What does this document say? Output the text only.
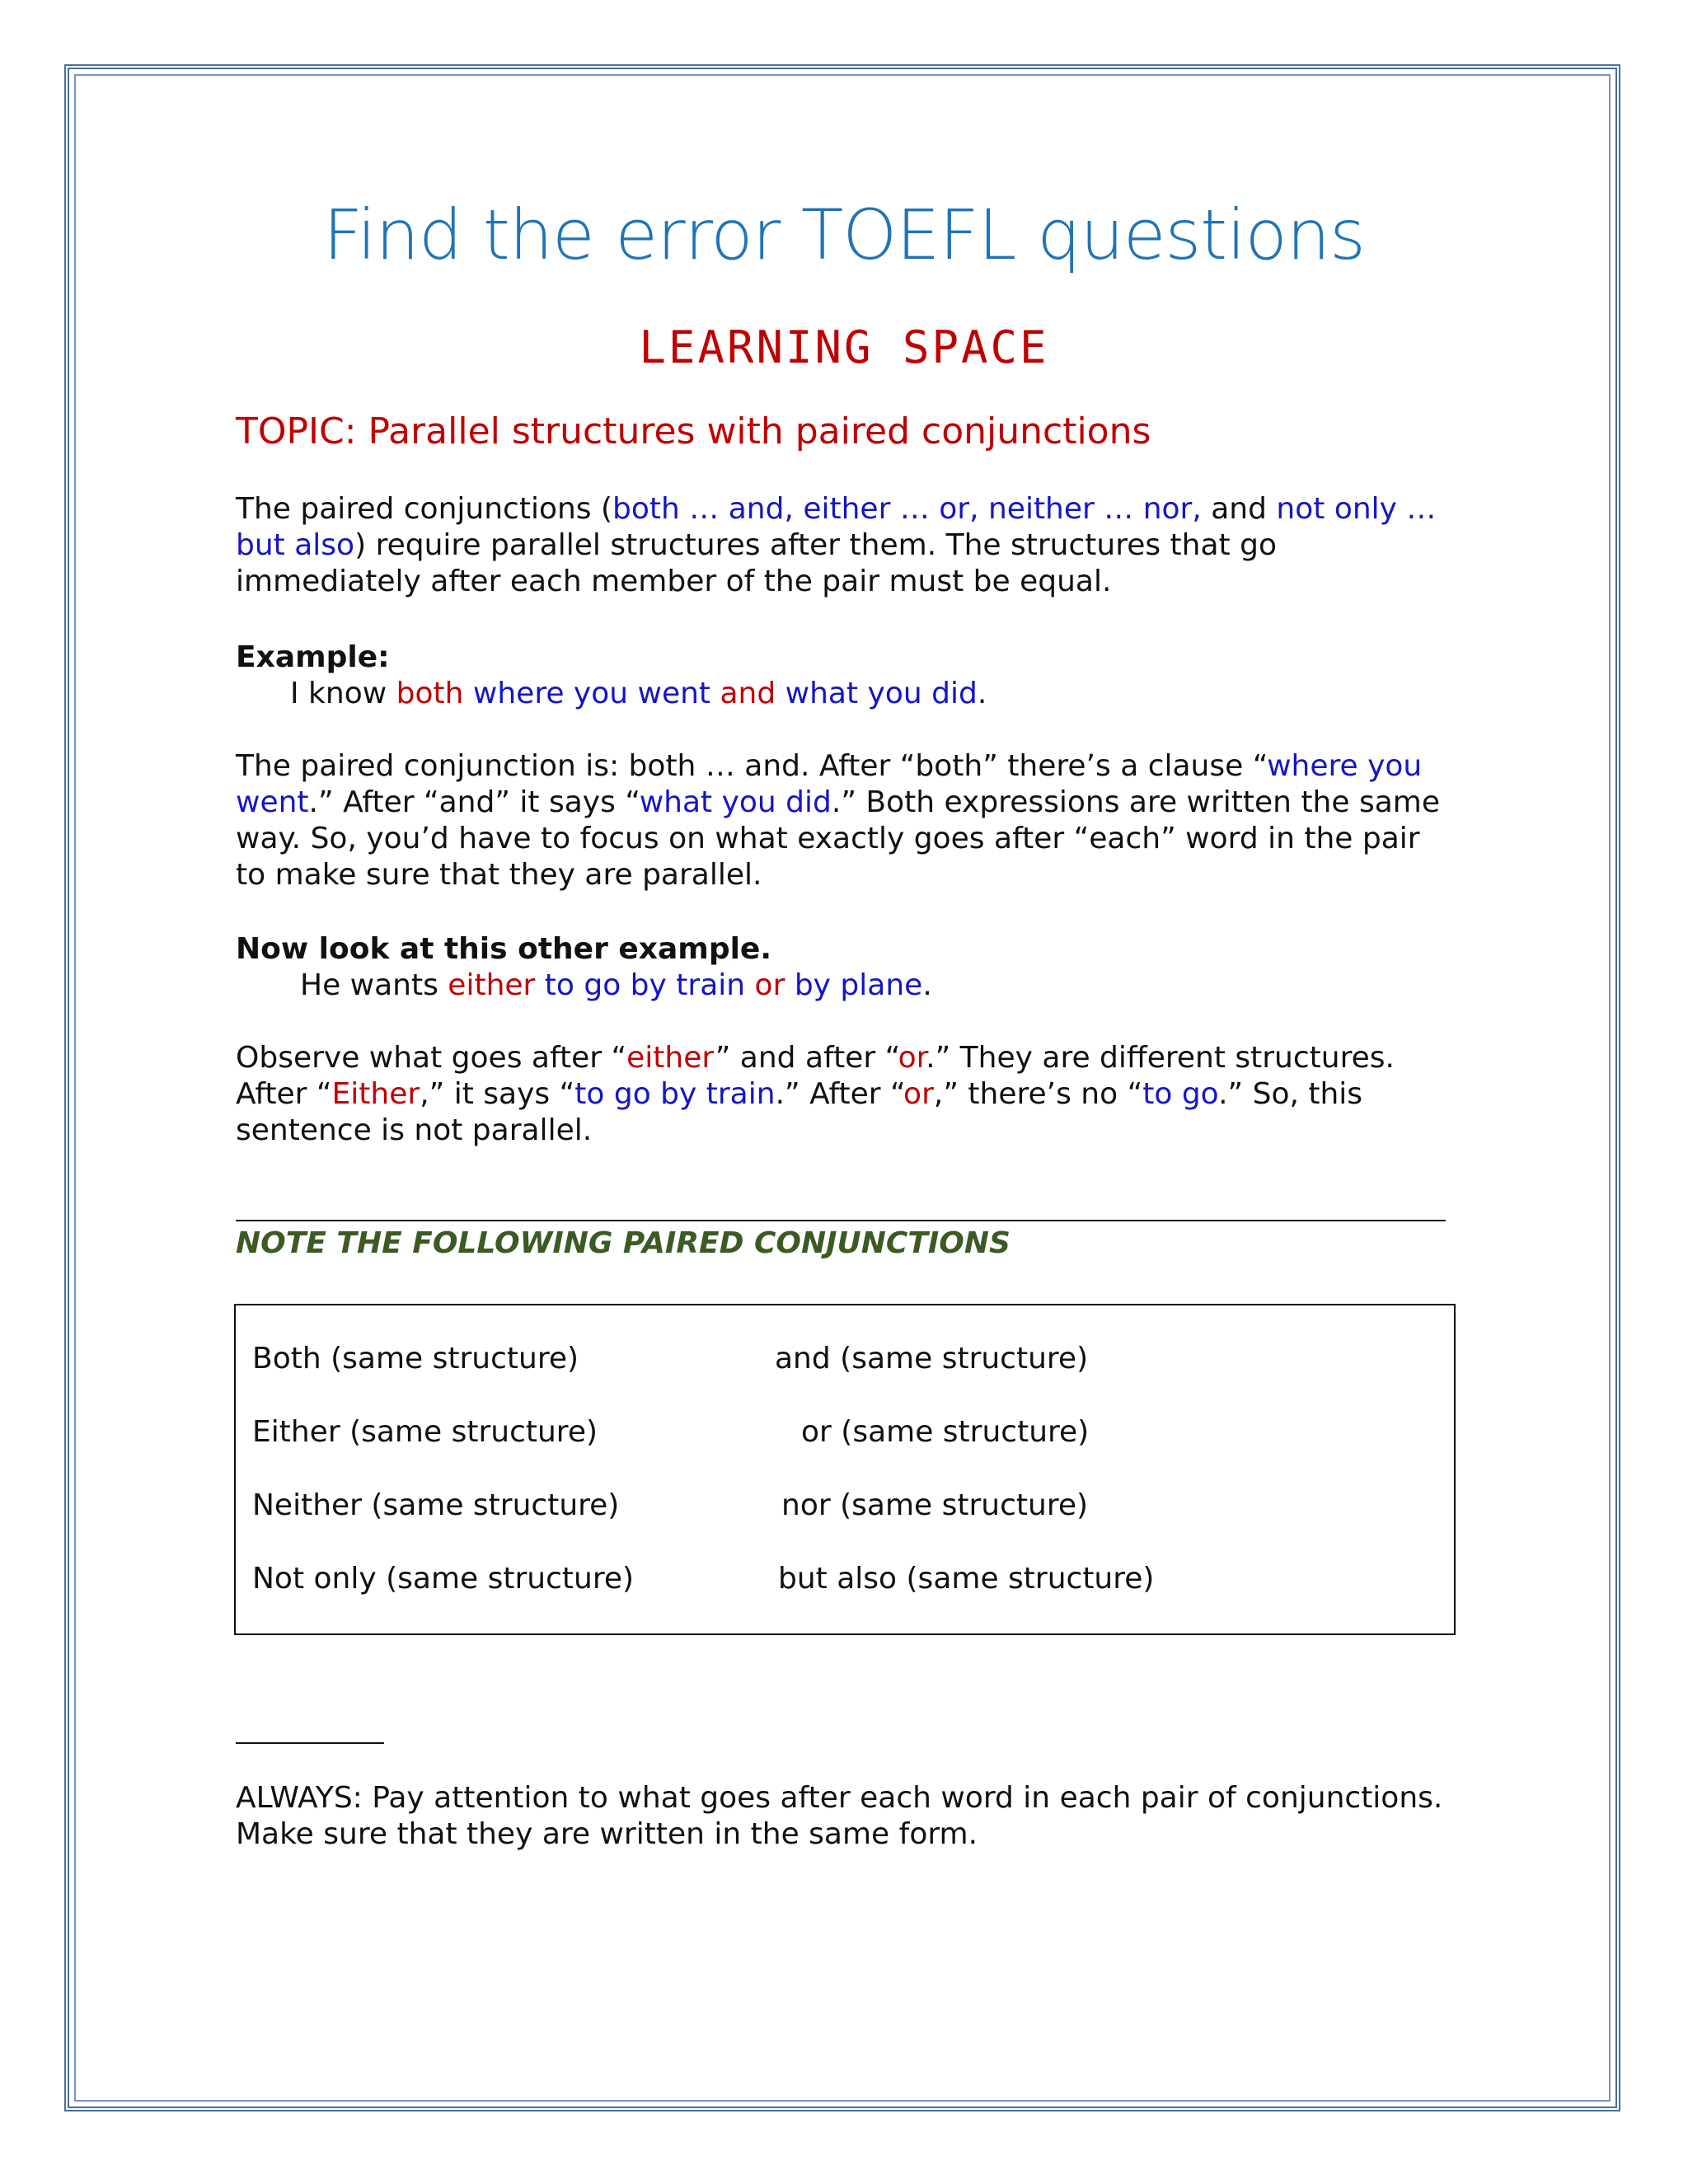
Find the error TOEFL questions
LEARNING SPACE
TOPIC: Parallel structures with paired conjunctions
The paired conjunctions (both … and, either … or, neither … nor, and not only … but also) require parallel structures after them. The structures that go immediately after each member of the pair must be equal.
Example:
I know both where you went and what you did.
The paired conjunction is: both … and. After “both” there’s a clause “where you went.” After “and” it says “what you did.” Both expressions are written the same way. So, you’d have to focus on what exactly goes after “each” word in the pair to make sure that they are parallel.
Now look at this other example.
He wants either to go by train or by plane.
Observe what goes after “either” and after “or.” They are different structures. After “Either,” it says “to go by train.” After “or,” there’s no “to go.” So, this sentence is not parallel.
NOTE THE FOLLOWING PAIRED CONJUNCTIONS
Both (same structure)	and (same structure)
Either (same structure)	or (same structure)
Neither (same structure)	nor (same structure)
Not only (same structure)	but also (same structure)
ALWAYS: Pay attention to what goes after each word in each pair of conjunctions. Make sure that they are written in the same form.
